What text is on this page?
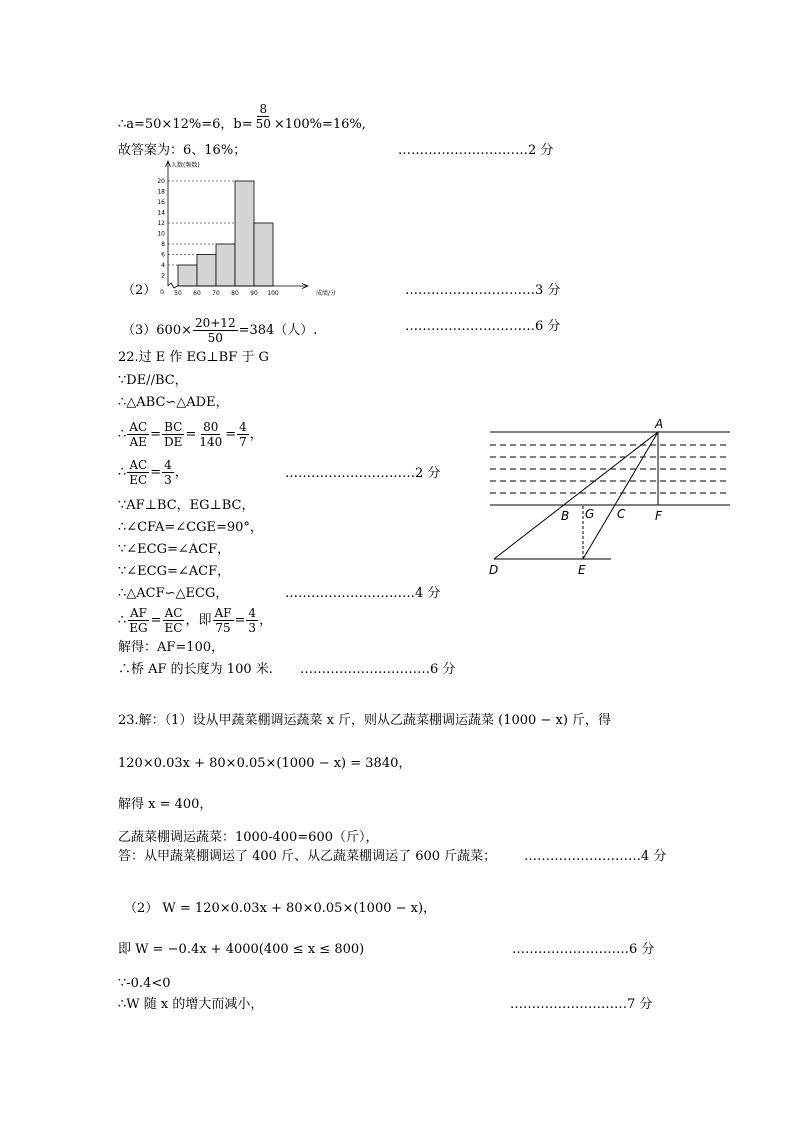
∴a=50×12%=6，$b= \frac{8}{50} \times 100\%=16\%$,
故答案为：6、16%；	…………………………2 分
2
4
6
8
10
12
14
16
18
20
0 50 60 70 80 90 100
人数(频数)
成绩/分
（2）	…………………………3 分
$(3)600\times \frac{20+12}{50} =384$（人）.	…………………………6 分
22.过 E 作 EG⊥BF 于 G
∵DE//BC，
∴△ABC∽△ADE，
∴ $\frac{AC}{AE} = \frac{BC}{DE} = \frac{80}{140} = \frac{4}{7}$ ，
∴ $\frac{AC}{EC} = \frac{4}{3}$ ，	…………………………2 分
∵AF⊥BC，EG⊥BC，
∴∠CFA=∠CGE=90°，
∵∠ECG=∠ACF，
∵∠ECG=∠ACF，
∴△ACF∽△ECG，	…………………………4 分
∴ $\frac{AF}{EG} = \frac{AC}{EC}$ ，即 $\frac{AF}{75} = \frac{4}{3}$ ，
解得：AF=100，
∴桥 AF 的长度为 100 米. …………………………6 分
A
B G C F
D	E
23.解：（1）设从甲蔬菜棚调运蔬菜 x 斤，则从乙蔬菜棚调运蔬菜 (1000 − x) 斤，得
120×0.03x + 80×0.05×(1000 − x) = 3840，
解得 x = 400，
乙蔬菜棚调运蔬菜：1000-400=600（斤），
答：从甲蔬菜棚调运了 400 斤、从乙蔬菜棚调运了 600 斤蔬菜； ………………………4 分
（2） W = 120×0.03x + 80×0.05×(1000 − x)，
即 W = −0.4x + 4000(400 ≤ x ≤ 800)	………………………6 分
∵-0.4<0
∴W 随 x 的增大而减小，	………………………7 分
